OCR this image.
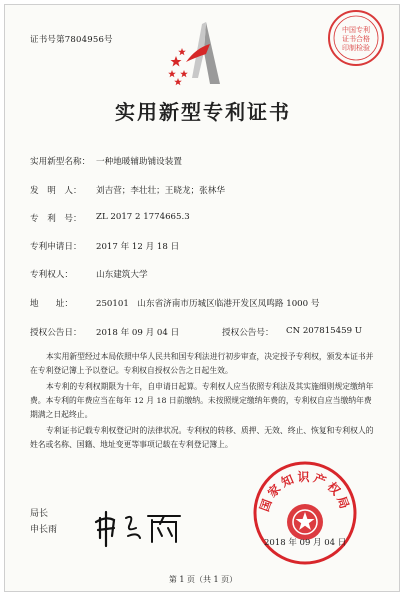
证书号第7804956号
中国专利
证书合格
印制检验
实用新型专利证书
实用新型名称： 一种地暖辅助铺设装置
发　明　人： 刘吉营；李壮壮；王晓龙；张林华
专　利　号： ZL 2017 2 1774665.3
专利申请日： 2017 年 12 月 18 日
专利权人：	山东建筑大学
地　　址：	250101　山东省济南市历城区临港开发区凤鸣路 1000 号
授权公告日： 2018 年 09 月 04 日	授权公告号： CN 207815459 U
本实用新型经过本局依照中华人民共和国专利法进行初步审查，决定授予专利权，颁发本证书并在专利登记簿上予以登记。专利权自授权公告之日起生效。
本专利的专利权期限为十年，自申请日起算。专利权人应当依照专利法及其实施细则规定缴纳年费。本专利的年费应当在每年 12 月 18 日前缴纳。未按照规定缴纳年费的，专利权自应当缴纳年费期满之日起终止。
专利证书记载专利权登记时的法律状况。专利权的转移、质押、无效、终止、恢复和专利权人的姓名或名称、国籍、地址变更等事项记载在专利登记簿上。
局长
申长雨
国家知识产权局
2018 年 09 月 04 日
第 1 页（共 1 页）
